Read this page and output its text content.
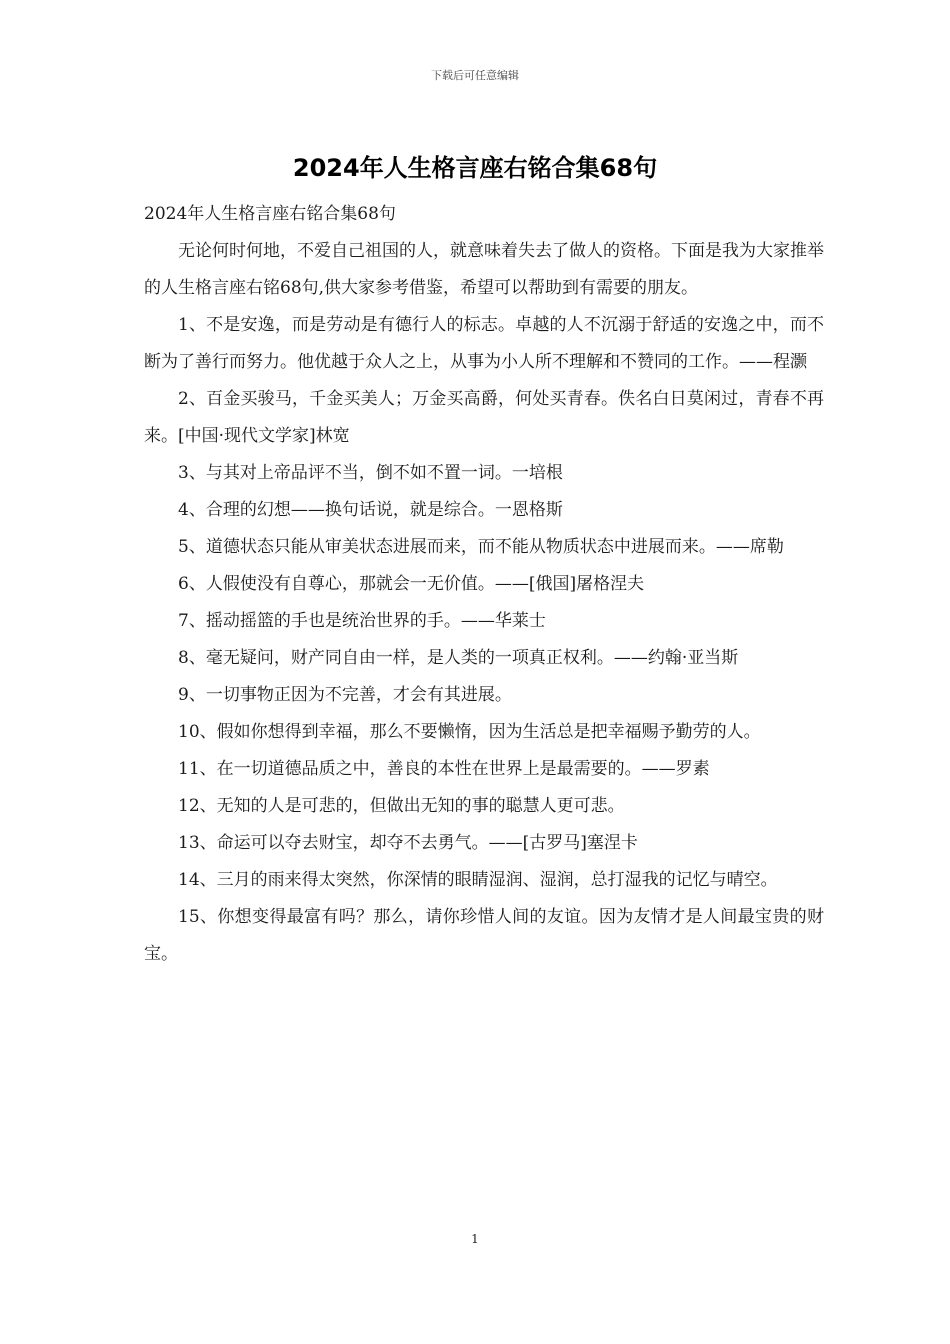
下载后可任意编辑
2024年人生格言座右铭合集68句

2024年人生格言座右铭合集68句

无论何时何地，不爱自己祖国的人，就意味着失去了做人的资格。下面是我为大家推举的人生格言座右铭68句,供大家参考借鉴，希望可以帮助到有需要的朋友。

1、不是安逸，而是劳动是有德行人的标志。卓越的人不沉溺于舒适的安逸之中，而不断为了善行而努力。他优越于众人之上，从事为小人所不理解和不赞同的工作。——程灏

2、百金买骏马，千金买美人；万金买高爵，何处买青春。佚名白日莫闲过，青春不再来。[中国·现代文学家]林宽

3、与其对上帝品评不当，倒不如不置一词。一培根

4、合理的幻想——换句话说，就是综合。一恩格斯

5、道德状态只能从审美状态进展而来，而不能从物质状态中进展而来。——席勒

6、人假使没有自尊心，那就会一无价值。——[俄国]屠格涅夫

7、摇动摇篮的手也是统治世界的手。——华莱士

8、毫无疑问，财产同自由一样，是人类的一项真正权利。——约翰·亚当斯

9、一切事物正因为不完善，才会有其进展。

10、假如你想得到幸福，那么不要懒惰，因为生活总是把幸福赐予勤劳的人。

11、在一切道德品质之中，善良的本性在世界上是最需要的。——罗素

12、无知的人是可悲的，但做出无知的事的聪慧人更可悲。

13、命运可以夺去财宝，却夺不去勇气。——[古罗马]塞涅卡

14、三月的雨来得太突然，你深情的眼睛湿润、湿润，总打湿我的记忆与晴空。

15、你想变得最富有吗？那么，请你珍惜人间的友谊。因为友情才是人间最宝贵的财宝。

1
